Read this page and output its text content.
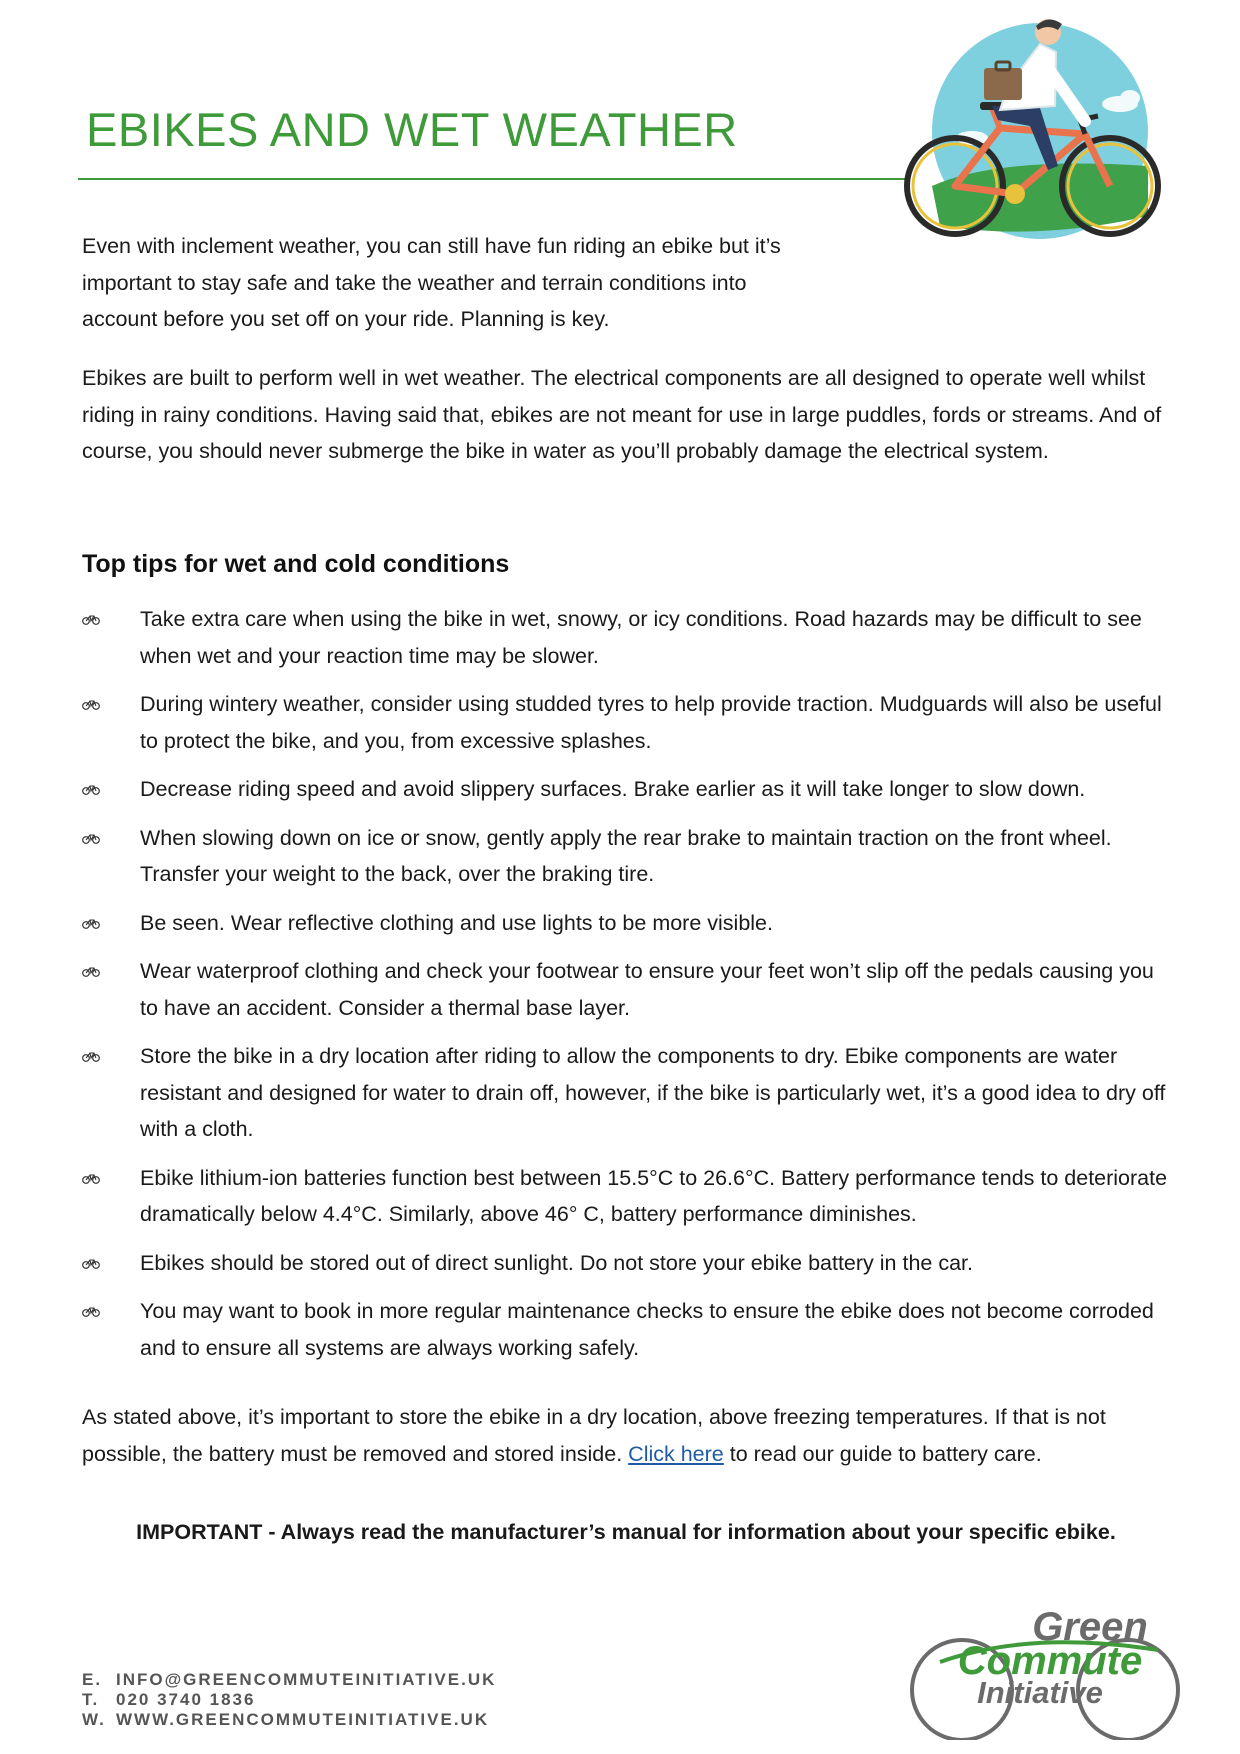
EBIKES AND WET WEATHER

Even with inclement weather, you can still have fun riding an ebike but it’s important to stay safe and take the weather and terrain conditions into account before you set off on your ride. Planning is key.

Ebikes are built to perform well in wet weather. The electrical components are all designed to operate well whilst riding in rainy conditions. Having said that, ebikes are not meant for use in large puddles, fords or streams. And of course, you should never submerge the bike in water as you’ll probably damage the electrical system.

Top tips for wet and cold conditions
Take extra care when using the bike in wet, snowy, or icy conditions. Road hazards may be difficult to see when wet and your reaction time may be slower.
During wintery weather, consider using studded tyres to help provide traction. Mudguards will also be useful to protect the bike, and you, from excessive splashes.
Decrease riding speed and avoid slippery surfaces. Brake earlier as it will take longer to slow down.
When slowing down on ice or snow, gently apply the rear brake to maintain traction on the front wheel. Transfer your weight to the back, over the braking tire.
Be seen. Wear reflective clothing and use lights to be more visible.
Wear waterproof clothing and check your footwear to ensure your feet won’t slip off the pedals causing you to have an accident. Consider a thermal base layer.
Store the bike in a dry location after riding to allow the components to dry. Ebike components are water resistant and designed for water to drain off, however, if the bike is particularly wet, it’s a good idea to dry off with a cloth.
Ebike lithium-ion batteries function best between 15.5°C to 26.6°C. Battery performance tends to deteriorate dramatically below 4.4°C. Similarly, above 46° C, battery performance diminishes.
Ebikes should be stored out of direct sunlight. Do not store your ebike battery in the car.
You may want to book in more regular maintenance checks to ensure the ebike does not become corroded and to ensure all systems are always working safely.

As stated above, it’s important to store the ebike in a dry location, above freezing temperatures. If that is not possible, the battery must be removed and stored inside. Click here to read our guide to battery care.

IMPORTANT - Always read the manufacturer’s manual for information about your specific ebike.

E. INFO@GREENCOMMUTEINITIATIVE.UK
T. 020 3740 1836
W. WWW.GREENCOMMUTEINITIATIVE.UK
Green
Commute
Initiative
